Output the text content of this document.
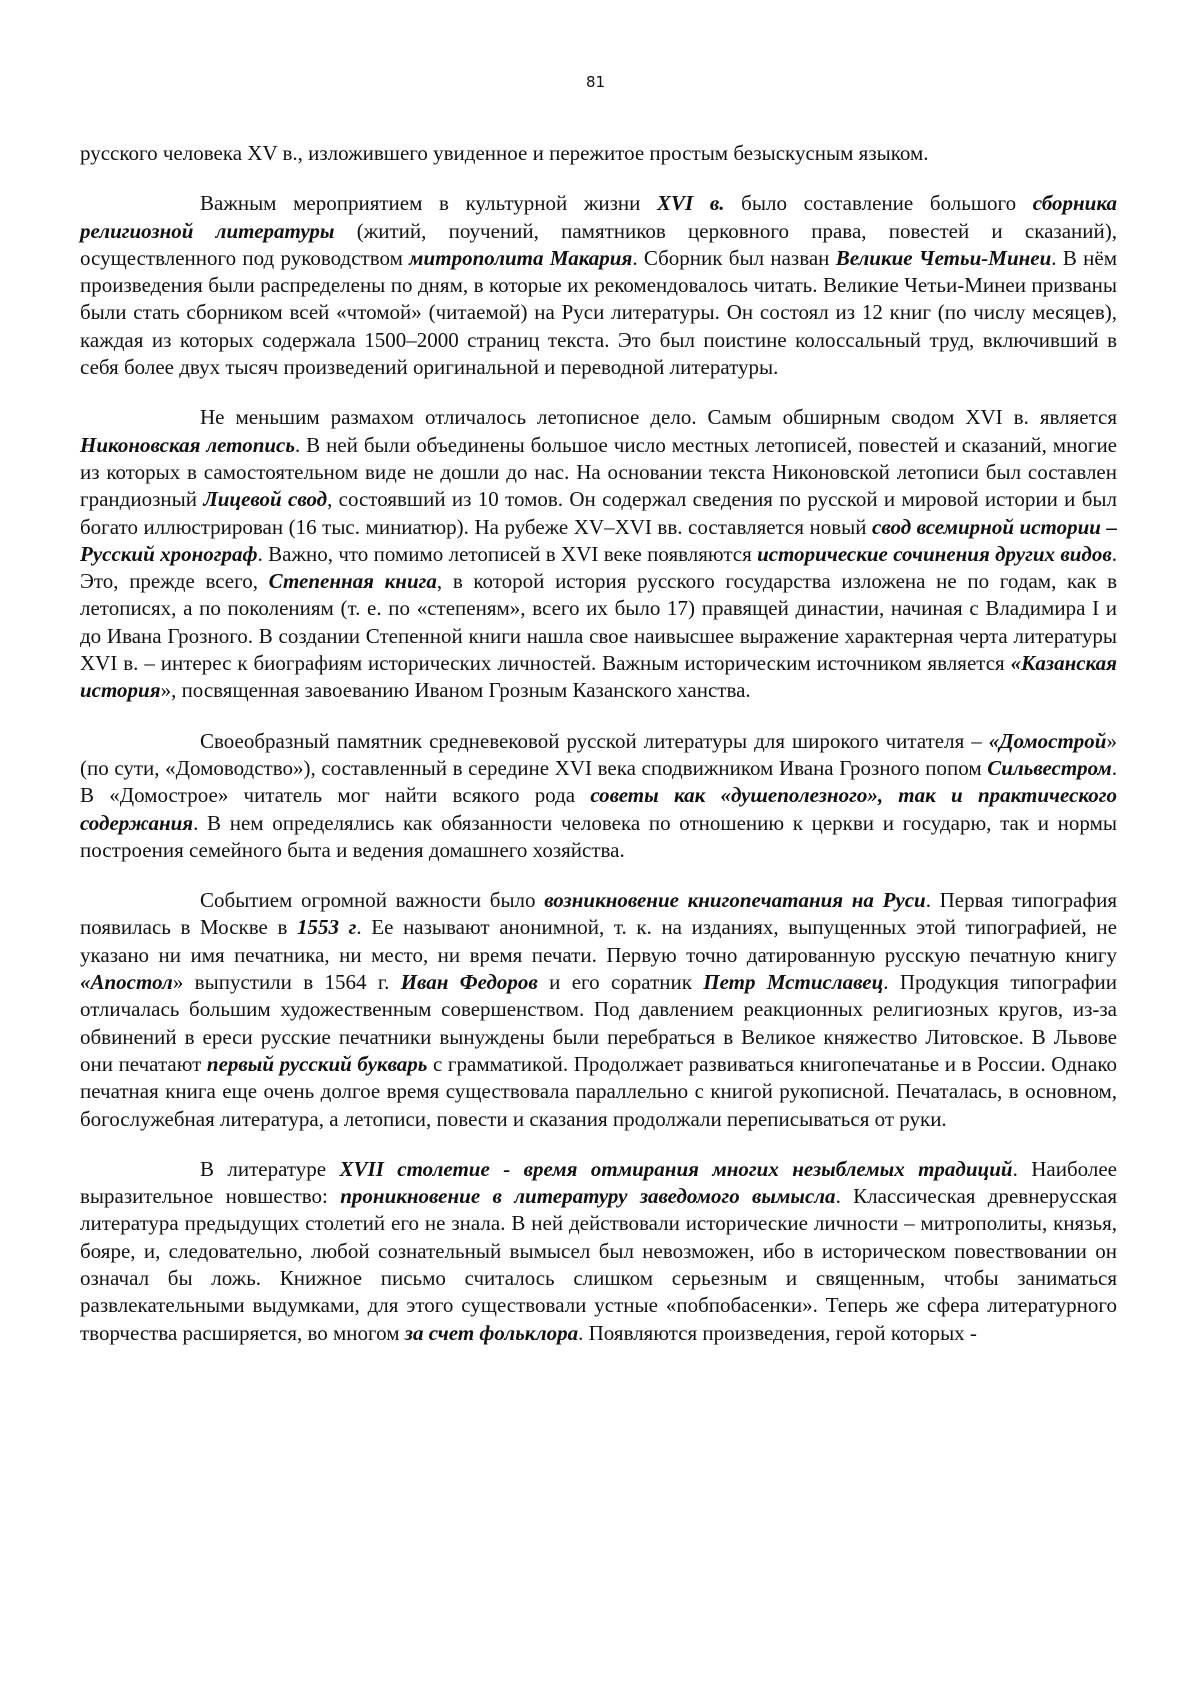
81

русского человека XV в., изложившего увиденное и пережитое простым безыскусным языком.

Важным мероприятием в культурной жизни XVI в. было составление большого сборника религиозной литературы (житий, поучений, памятников церковного права, повестей и сказаний), осуществленного под руководством митрополита Макария. Сборник был назван Великие Четьи-Минеи. В нём произведения были распределены по дням, в которые их рекомендовалось читать. Великие Четьи-Минеи призваны были стать сборником всей «чтомой» (читаемой) на Руси литературы. Он состоял из 12 книг (по числу месяцев), каждая из которых содержала 1500–2000 страниц текста. Это был поистине колоссальный труд, включивший в себя более двух тысяч произведений оригинальной и переводной литературы.

Не меньшим размахом отличалось летописное дело. Самым обширным сводом XVI в. является Никоновская летопись. В ней были объединены большое число местных летописей, повестей и сказаний, многие из которых в самостоятельном виде не дошли до нас. На основании текста Никоновской летописи был составлен грандиозный Лицевой свод, состоявший из 10 томов. Он содержал сведения по русской и мировой истории и был богато иллюстрирован (16 тыс. миниатюр). На рубеже XV–XVI вв. составляется новый свод всемирной истории – Русский хронограф. Важно, что помимо летописей в XVI веке появляются исторические сочинения других видов. Это, прежде всего, Степенная книга, в которой история русского государства изложена не по годам, как в летописях, а по поколениям (т. е. по «степеням», всего их было 17) правящей династии, начиная с Владимира I и до Ивана Грозного. В создании Степенной книги нашла свое наивысшее выражение характерная черта литературы XVI в. – интерес к биографиям исторических личностей. Важным историческим источником является «Казанская история», посвященная завоеванию Иваном Грозным Казанского ханства.

Своеобразный памятник средневековой русской литературы для широкого читателя – «Домострой» (по сути, «Домоводство»), составленный в середине XVI века сподвижником Ивана Грозного попом Сильвестром. В «Домострое» читатель мог найти всякого рода советы как «душеполезного», так и практического содержания. В нем определялись как обязанности человека по отношению к церкви и государю, так и нормы построения семейного быта и ведения домашнего хозяйства.

Событием огромной важности было возникновение книгопечатания на Руси. Первая типография появилась в Москве в 1553 г. Ее называют анонимной, т. к. на изданиях, выпущенных этой типографией, не указано ни имя печатника, ни место, ни время печати. Первую точно датированную русскую печатную книгу «Апостол» выпустили в 1564 г. Иван Федоров и его соратник Петр Мстиславец. Продукция типографии отличалась большим художественным совершенством. Под давлением реакционных религиозных кругов, из-за обвинений в ереси русские печатники вынуждены были перебраться в Великое княжество Литовское. В Львове они печатают первый русский букварь с грамматикой. Продолжает развиваться книгопечатанье и в России. Однако печатная книга еще очень долгое время существовала параллельно с книгой рукописной. Печаталась, в основном, богослужебная литература, а летописи, повести и сказания продолжали переписываться от руки.

В литературе XVII столетие - время отмирания многих незыблемых традиций. Наиболее выразительное новшество: проникновение в литературу заведомого вымысла. Классическая древнерусская литература предыдущих столетий его не знала. В ней действовали исторические личности – митрополиты, князья, бояре, и, следовательно, любой сознательный вымысел был невозможен, ибо в историческом повествовании он означал бы ложь. Книжное письмо считалось слишком серьезным и священным, чтобы заниматься развлекательными выдумками, для этого существовали устные «побпобасенки». Теперь же сфера литературного творчества расширяется, во многом за счет фольклора. Появляются произведения, герой которых -
